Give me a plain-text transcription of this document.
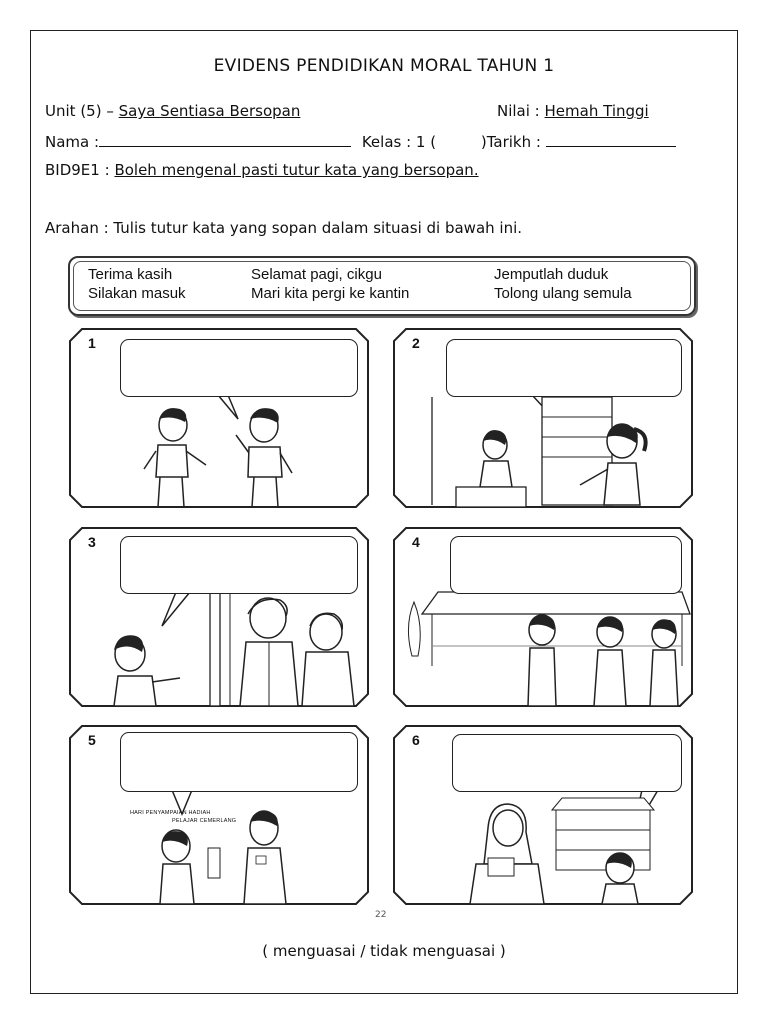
EVIDENS PENDIDIKAN MORAL TAHUN 1
Unit (5) – Saya Sentiasa Bersopan	Nilai : Hemah Tinggi
Nama :	Kelas : 1 (	)Tarikh :
BID9E1 : Boleh mengenal pasti tutur kata yang bersopan.
Arahan : Tulis tutur kata yang sopan dalam situasi di bawah ini.
Terima kasih	Selamat pagi, cikgu	Jemputlah duduk
Silakan masuk	Mari kita pergi ke kantin	Tolong ulang semula
1	2
3	4
5
HARI PENYAMPAIAN HADIAH
PELAJAR CEMERLANG
6
22
( menguasai / tidak menguasai )
